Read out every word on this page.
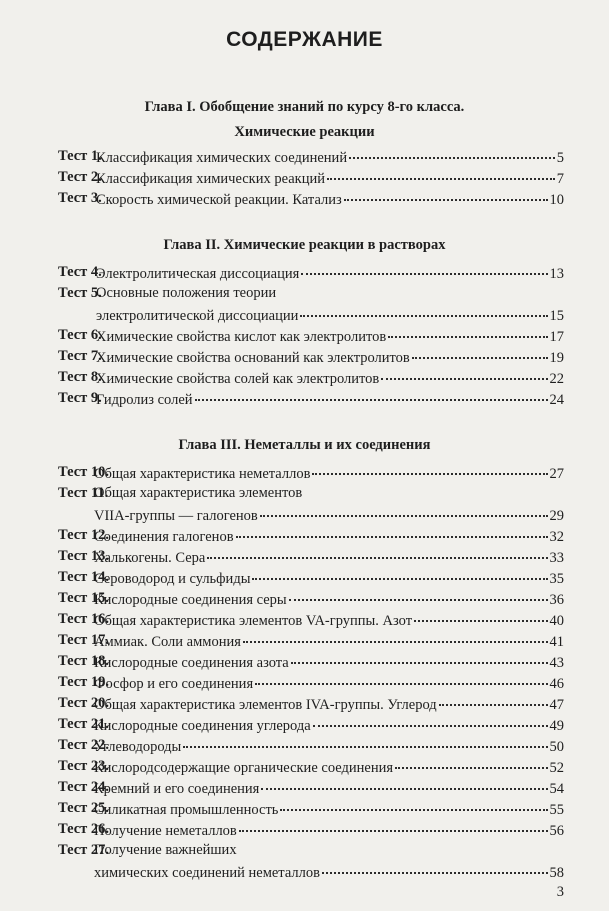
СОДЕРЖАНИЕ
Глава I. Обобщение знаний по курсу 8-го класса.
Химические реакции
Глава II. Химические реакции в растворах
Глава III. Неметаллы и их соединения
Тест 1.
Классификация химических соединений	5
Тест 2.
Классификация химических реакций	7
Тест 3.
Скорость химической реакции. Катализ	10
Тест 4.
Электролитическая диссоциация	13
Тест 5.
Основные положения теории
электролитической диссоциации	15
Тест 6.
Химические свойства кислот как электролитов	17
Тест 7.
Химические свойства оснований как электролитов	19
Тест 8.
Химические свойства солей как электролитов	22
Тест 9.
Гидролиз солей	24
Тест 10.
Общая характеристика неметаллов	27
Тест 11.
Общая характеристика элементов
VIIA-группы — галогенов	29
Тест 12.
Соединения галогенов	32
Тест 13.
Халькогены. Сера	33
Тест 14.
Сероводород и сульфиды	35
Тест 15.
Кислородные соединения серы	36
Тест 16.
Общая характеристика элементов VA-группы. Азот	40
Тест 17.
Аммиак. Соли аммония	41
Тест 18.
Кислородные соединения азота	43
Тест 19.
Фосфор и его соединения	46
Тест 20.
Общая характеристика элементов IVA-группы. Углерод	47
Тест 21.
Кислородные соединения углерода	49
Тест 22.
Углеводороды	50
Тест 23.
Кислородсодержащие органические соединения	52
Тест 24.
Кремний и его соединения	54
Тест 25.
Силикатная промышленность	55
Тест 26.
Получение неметаллов	56
Тест 27.
Получение важнейших
химических соединений неметаллов	58
3
